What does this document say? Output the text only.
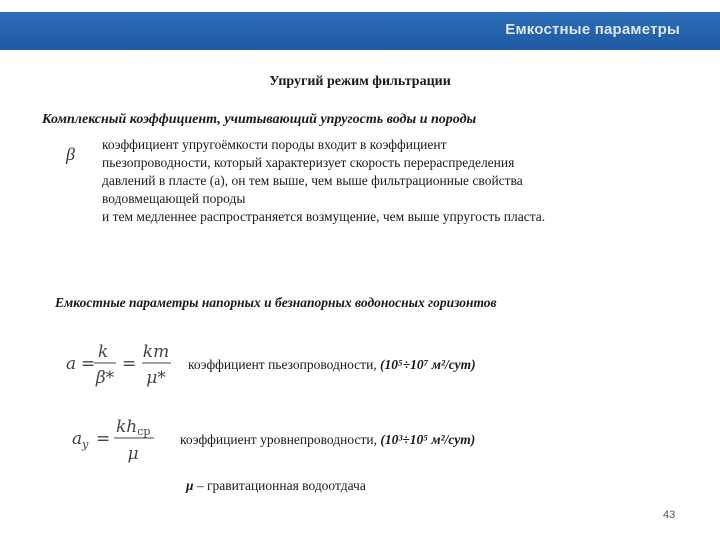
Емкостные параметры
Упругий режим фильтрации
Комплексный коэффициент, учитывающий упругость воды и породы
β коэффициент упругоёмкости породы входит в коэффициент
пьезопроводности, который характеризует скорость перераспределения
давлений в пласте (a), он тем выше, чем выше фильтрационные свойства
водовмещающей породы
и тем медленнее распространяется возмущение, чем выше упругость пласта.
Емкостные параметры напорных и безнапорных водоносных горизонтов
a =
k
β*
=
km
μ*
коэффициент пьезопроводности, (10⁵÷10⁷ м²/сут)
$a_y$ =
khcp
μ
коэффициент уровнепроводности, (10³÷10⁵ м²/сут)
μ – гравитационная водоотдача
43
